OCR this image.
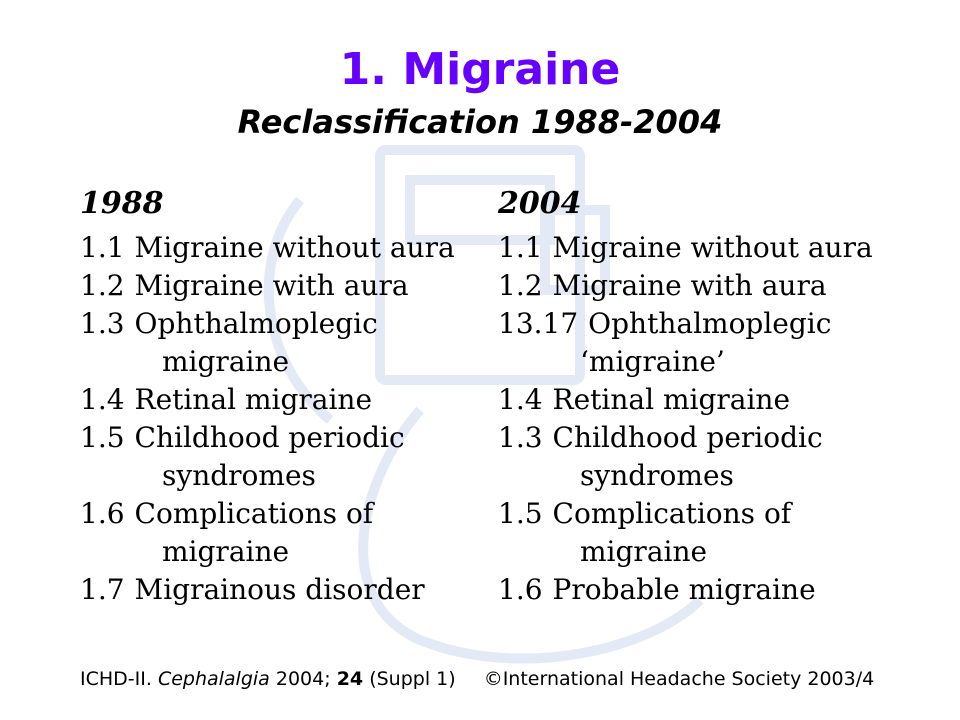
1. Migraine
Reclassification 1988-2004
1988
1.1 Migraine without aura
1.2 Migraine with aura
1.3 Ophthalmoplegic
migraine
1.4 Retinal migraine
1.5 Childhood periodic
syndromes
1.6 Complications of
migraine
1.7 Migrainous disorder
2004
1.1 Migraine without aura
1.2 Migraine with aura
13.17 Ophthalmoplegic
‘migraine’
1.4 Retinal migraine
1.3 Childhood periodic
syndromes
1.5 Complications of
migraine
1.6 Probable migraine
ICHD-II. Cephalalgia 2004; 24 (Suppl 1) ©International Headache Society 2003/4
